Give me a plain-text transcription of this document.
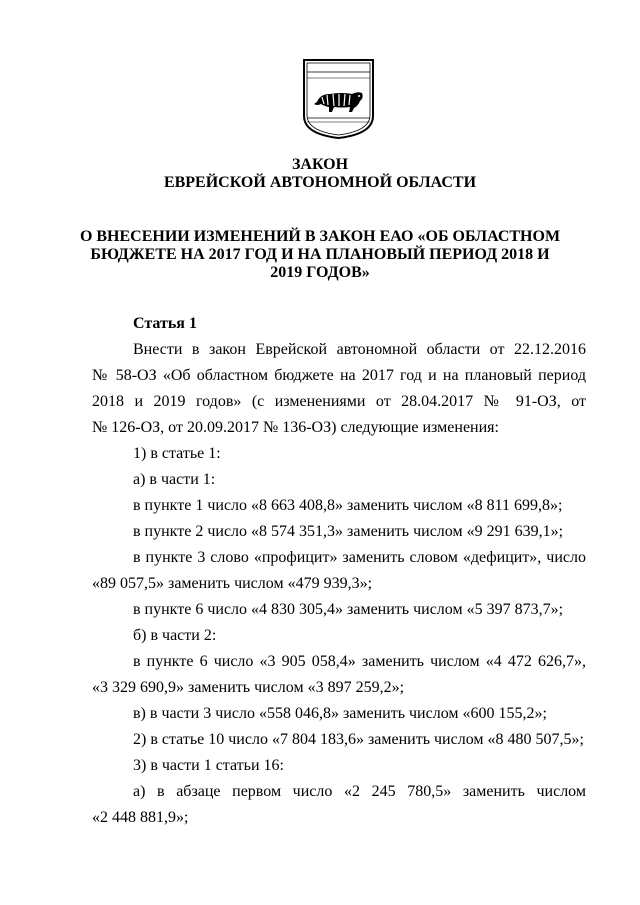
ЗАКОН
ЕВРЕЙСКОЙ АВТОНОМНОЙ ОБЛАСТИ
О ВНЕСЕНИИ ИЗМЕНЕНИЙ В ЗАКОН ЕАО «ОБ ОБЛАСТНОМ
БЮДЖЕТЕ НА 2017 ГОД И НА ПЛАНОВЫЙ ПЕРИОД 2018 И
2019 ГОДОВ»
Статья 1
Внести в закон Еврейской автономной области от 22.12.2016
№ 58-ОЗ «Об областном бюджете на 2017 год и на плановый период
2018 и 2019 годов» (с изменениями от 28.04.2017 № 91-ОЗ, от
№ 126-ОЗ, от 20.09.2017 № 136-ОЗ) следующие изменения:
1) в статье 1:
а) в части 1:
в пункте 1 число «8 663 408,8» заменить числом «8 811 699,8»;
в пункте 2 число «8 574 351,3» заменить числом «9 291 639,1»;
в пункте 3 слово «профицит» заменить словом «дефицит», число
«89 057,5» заменить числом «479 939,3»;
в пункте 6 число «4 830 305,4» заменить числом «5 397 873,7»;
б) в части 2:
в пункте 6 число «3 905 058,4» заменить числом «4 472 626,7»,
«3 329 690,9» заменить числом «3 897 259,2»;
в) в части 3 число «558 046,8» заменить числом «600 155,2»;
2) в статье 10 число «7 804 183,6» заменить числом «8 480 507,5»;
3) в части 1 статьи 16:
а) в абзаце первом число «2 245 780,5» заменить числом
«2 448 881,9»;
